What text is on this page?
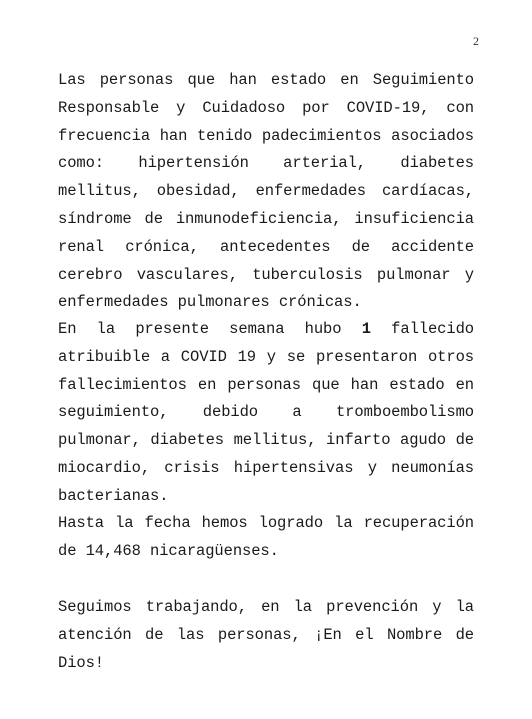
2

Las personas que han estado en Seguimiento Responsable y Cuidadoso por COVID-19, con frecuencia han tenido padecimientos asociados como: hipertensión arterial, diabetes mellitus, obesidad, enfermedades cardíacas, síndrome de inmunodeficiencia, insuficiencia renal crónica, antecedentes de accidente cerebro vasculares, tuberculosis pulmonar y enfermedades pulmonares crónicas.

En la presente semana hubo 1 fallecido atribuible a COVID 19 y se presentaron otros fallecimientos en personas que han estado en seguimiento, debido a tromboembolismo pulmonar, diabetes mellitus, infarto agudo de miocardio, crisis hipertensivas y neumonías bacterianas.

Hasta la fecha hemos logrado la recuperación de 14,468 nicaragüenses.

Seguimos trabajando, en la prevención y la atención de las personas, ¡En el Nombre de Dios!
